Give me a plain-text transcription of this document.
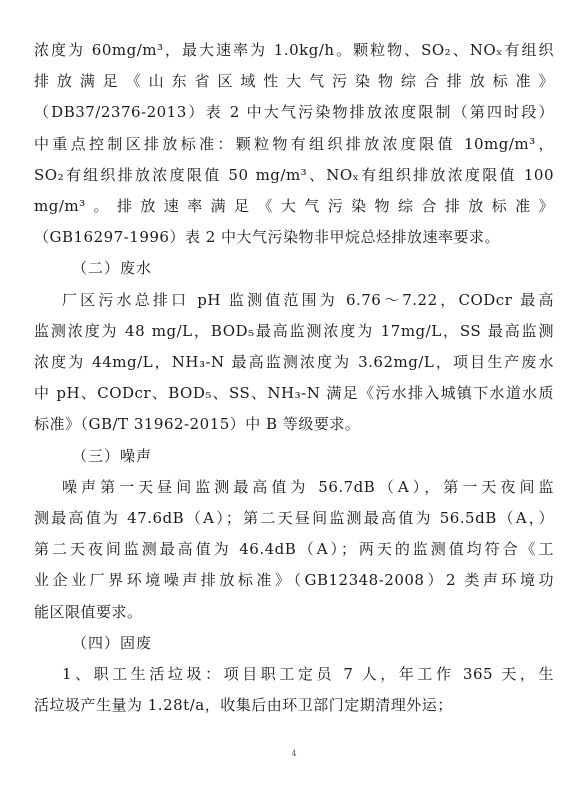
浓度为 60mg/m³，最大速率为 1.0kg/h。颗粒物、SO₂、NOₓ有组织
排放满足《山东省区域性大气污染物综合排放标准》
（DB37/2376-2013）表 2 中大气污染物排放浓度限制（第四时段）
中重点控制区排放标准：颗粒物有组织排放浓度限值 10mg/m³，
SO₂有组织排放浓度限值 50 mg/m³、NOₓ有组织排放浓度限值 100
mg/m³。排放速率满足《大气污染物综合排放标准》
（GB16297-1996）表 2 中大气污染物非甲烷总烃排放速率要求。
（二）废水
厂区污水总排口 pH 监测值范围为 6.76～7.22，CODcr 最高
监测浓度为 48 mg/L，BOD₅最高监测浓度为 17mg/L，SS 最高监测
浓度为 44mg/L，NH₃-N 最高监测浓度为 3.62mg/L，项目生产废水
中 pH、CODcr、BOD₅、SS、NH₃-N 满足《污水排入城镇下水道水质
标准》（GB/T 31962-2015）中 B 等级要求。
（三）噪声
噪声第一天昼间监测最高值为 56.7dB（A），第一天夜间监
测最高值为 47.6dB（A）；第二天昼间监测最高值为 56.5dB（A，）
第二天夜间监测最高值为 46.4dB（A）；两天的监测值均符合《工
业企业厂界环境噪声排放标准》（GB12348-2008）2 类声环境功
能区限值要求。
（四）固废
1、职工生活垃圾：项目职工定员 7 人，年工作 365 天，生
活垃圾产生量为 1.28t/a，收集后由环卫部门定期清理外运；
4
